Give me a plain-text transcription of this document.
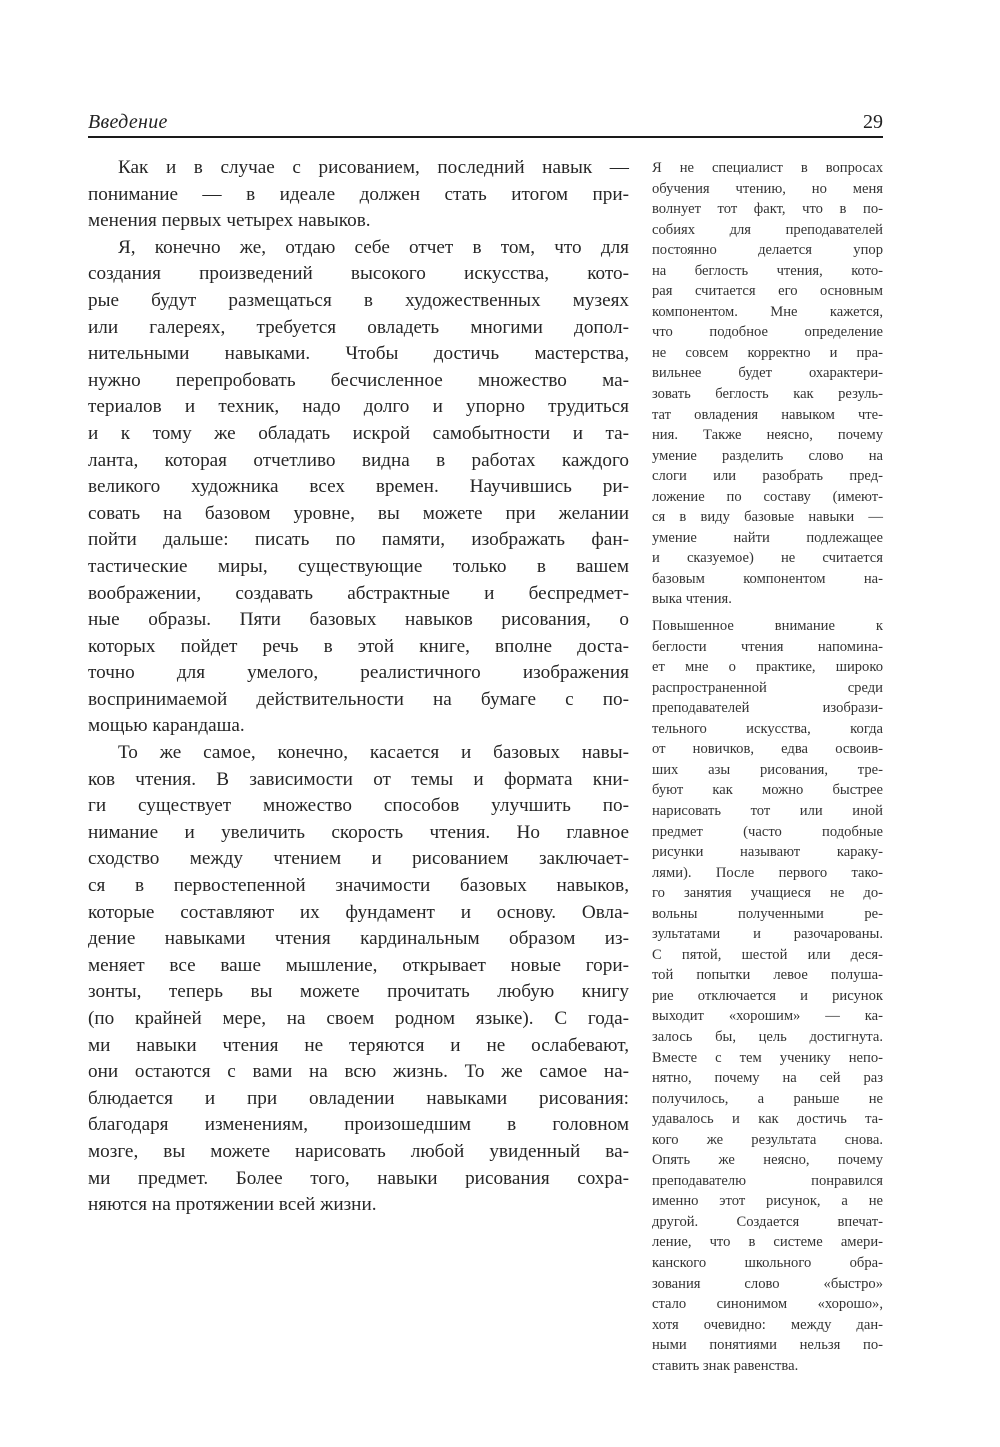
Введение	29
Как и в случае с рисованием, последний навык —
понимание — в идеале должен стать итогом при-
менения первых четырех навыков.
Я, конечно же, отдаю себе отчет в том, что для
создания произведений высокого искусства, кото-
рые будут размещаться в художественных музеях
или галереях, требуется овладеть многими допол-
нительными навыками. Чтобы достичь мастерства,
нужно перепробовать бесчисленное множество ма-
териалов и техник, надо долго и упорно трудиться
и к тому же обладать искрой самобытности и та-
ланта, которая отчетливо видна в работах каждого
великого художника всех времен. Научившись ри-
совать на базовом уровне, вы можете при желании
пойти дальше: писать по памяти, изображать фан-
тастические миры, существующие только в вашем
воображении, создавать абстрактные и беспредмет-
ные образы. Пяти базовых навыков рисования, о
которых пойдет речь в этой книге, вполне доста-
точно для умелого, реалистичного изображения
воспринимаемой действительности на бумаге с по-
мощью карандаша.
То же самое, конечно, касается и базовых навы-
ков чтения. В зависимости от темы и формата кни-
ги существует множество способов улучшить по-
нимание и увеличить скорость чтения. Но главное
сходство между чтением и рисованием заключает-
ся в первостепенной значимости базовых навыков,
которые составляют их фундамент и основу. Овла-
дение навыками чтения кардинальным образом из-
меняет все ваше мышление, открывает новые гори-
зонты, теперь вы можете прочитать любую книгу
(по крайней мере, на своем родном языке). С года-
ми навыки чтения не теряются и не ослабевают,
они остаются с вами на всю жизнь. То же самое на-
блюдается и при овладении навыками рисования:
благодаря изменениям, произошедшим в головном
мозге, вы можете нарисовать любой увиденный ва-
ми предмет. Более того, навыки рисования сохра-
няются на протяжении всей жизни.
Я не специалист в вопросах
обучения чтению, но меня
волнует тот факт, что в по-
собиях для преподавателей
постоянно делается упор
на беглость чтения, кото-
рая считается его основным
компонентом. Мне кажется,
что подобное определение
не совсем корректно и пра-
вильнее будет охарактери-
зовать беглость как резуль-
тат овладения навыком чте-
ния. Также неясно, почему
умение разделить слово на
слоги или разобрать пред-
ложение по составу (имеют-
ся в виду базовые навыки —
умение найти подлежащее
и сказуемое) не считается
базовым компонентом на-
выка чтения.
Повышенное внимание к
беглости чтения напомина-
ет мне о практике, широко
распространенной среди
преподавателей изобрази-
тельного искусства, когда
от новичков, едва освоив-
ших азы рисования, тре-
буют как можно быстрее
нарисовать тот или иной
предмет (часто подобные
рисунки называют караку-
лями). После первого тако-
го занятия учащиеся не до-
вольны полученными ре-
зультатами и разочарованы.
С пятой, шестой или деся-
той попытки левое полуша-
рие отключается и рисунок
выходит «хорошим» — ка-
залось бы, цель достигнута.
Вместе с тем ученику непо-
нятно, почему на сей раз
получилось, а раньше не
удавалось и как достичь та-
кого же результата снова.
Опять же неясно, почему
преподавателю понравился
именно этот рисунок, а не
другой. Создается впечат-
ление, что в системе амери-
канского школьного обра-
зования слово «быстро»
стало синонимом «хорошо»,
хотя очевидно: между дан-
ными понятиями нельзя по-
ставить знак равенства.
